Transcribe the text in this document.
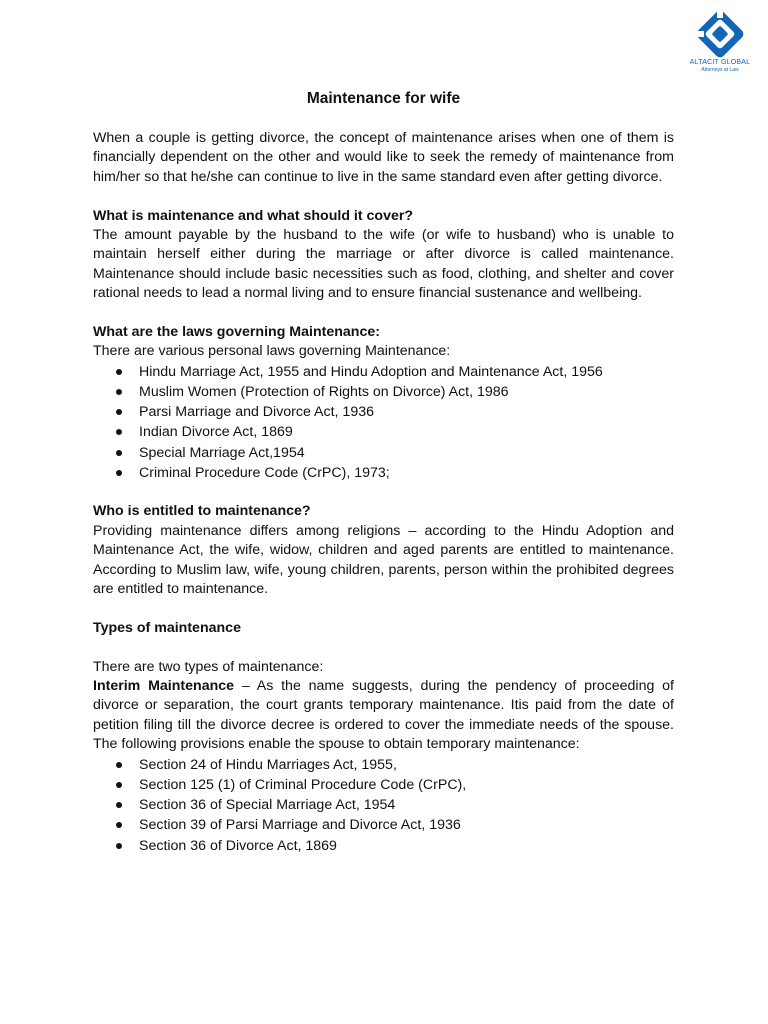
ALTACIT GLOBAL
Attorneys at Law
Maintenance for wife

When a couple is getting divorce, the concept of maintenance arises when one of them is financially dependent on the other and would like to seek the remedy of maintenance from him/her so that he/she can continue to live in the same standard even after getting divorce.

What is maintenance and what should it cover?

The amount payable by the husband to the wife (or wife to husband) who is unable to maintain herself either during the marriage or after divorce is called maintenance. Maintenance should include basic necessities such as food, clothing, and shelter and cover rational needs to lead a normal living and to ensure financial sustenance and wellbeing.

What are the laws governing Maintenance:

There are various personal laws governing Maintenance:

Hindu Marriage Act, 1955 and Hindu Adoption and Maintenance Act, 1956
Muslim Women (Protection of Rights on Divorce) Act, 1986
Parsi Marriage and Divorce Act, 1936
Indian Divorce Act, 1869
Special Marriage Act,1954
Criminal Procedure Code (CrPC), 1973;

Who is entitled to maintenance?

Providing maintenance differs among religions – according to the Hindu Adoption and Maintenance Act, the wife, widow, children and aged parents are entitled to maintenance. According to Muslim law, wife, young children, parents, person within the prohibited degrees are entitled to maintenance.

Types of maintenance

There are two types of maintenance:

Interim Maintenance – As the name suggests, during the pendency of proceeding of divorce or separation, the court grants temporary maintenance. Itis paid from the date of petition filing till the divorce decree is ordered to cover the immediate needs of the spouse. The following provisions enable the spouse to obtain temporary maintenance:

Section 24 of Hindu Marriages Act, 1955,
Section 125 (1) of Criminal Procedure Code (CrPC),
Section 36 of Special Marriage Act, 1954
Section 39 of Parsi Marriage and Divorce Act, 1936
Section 36 of Divorce Act, 1869
